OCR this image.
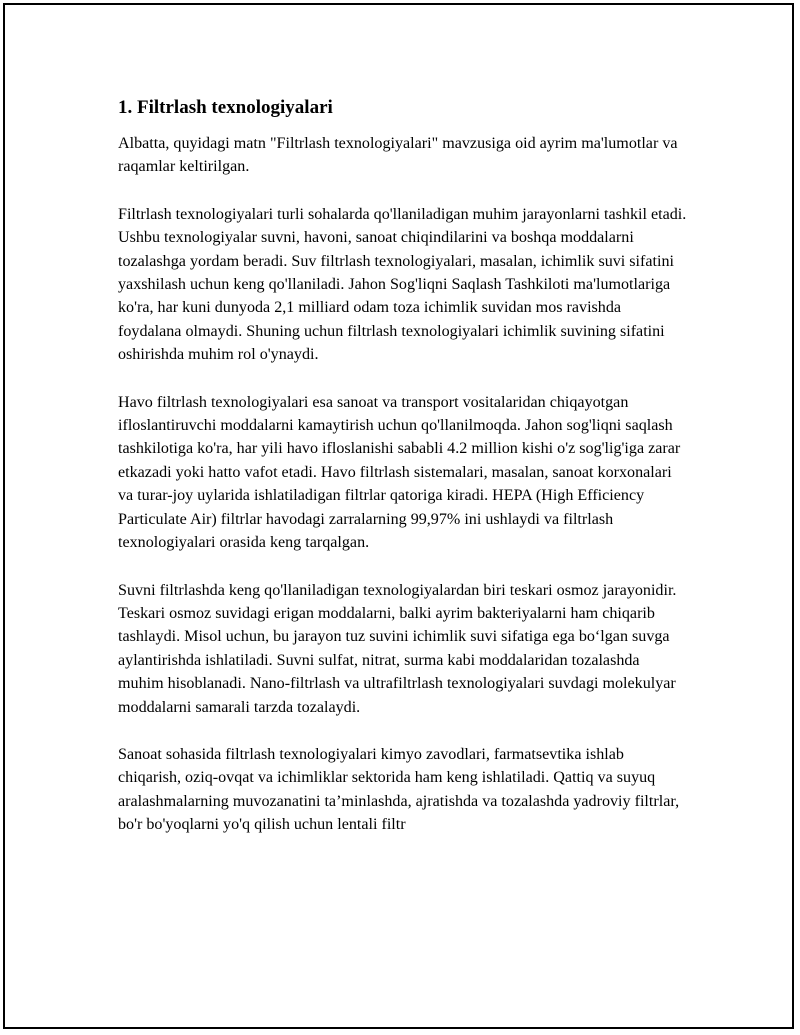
1. Filtrlash texnologiyalari

Albatta, quyidagi matn "Filtrlash texnologiyalari" mavzusiga oid ayrim ma'lumotlar va raqamlar keltirilgan.

Filtrlash texnologiyalari turli sohalarda qo'llaniladigan muhim jarayonlarni tashkil etadi. Ushbu texnologiyalar suvni, havoni, sanoat chiqindilarini va boshqa moddalarni tozalashga yordam beradi. Suv filtrlash texnologiyalari, masalan, ichimlik suvi sifatini yaxshilash uchun keng qo'llaniladi. Jahon Sog'liqni Saqlash Tashkiloti ma'lumotlariga ko'ra, har kuni dunyoda 2,1 milliard odam toza ichimlik suvidan mos ravishda foydalana olmaydi. Shuning uchun filtrlash texnologiyalari ichimlik suvining sifatini oshirishda muhim rol o'ynaydi.

Havo filtrlash texnologiyalari esa sanoat va transport vositalaridan chiqayotgan ifloslantiruvchi moddalarni kamaytirish uchun qo'llanilmoqda. Jahon sog'liqni saqlash tashkilotiga ko'ra, har yili havo ifloslanishi sababli 4.2 million kishi o'z sog'lig'iga zarar etkazadi yoki hatto vafot etadi. Havo filtrlash sistemalari, masalan, sanoat korxonalari va turar-joy uylarida ishlatiladigan filtrlar qatoriga kiradi. HEPA (High Efficiency Particulate Air) filtrlar havodagi zarralarning 99,97% ini ushlaydi va filtrlash texnologiyalari orasida keng tarqalgan.

Suvni filtrlashda keng qo'llaniladigan texnologiyalardan biri teskari osmoz jarayonidir. Teskari osmoz suvidagi erigan moddalarni, balki ayrim bakteriyalarni ham chiqarib tashlaydi. Misol uchun, bu jarayon tuz suvini ichimlik suvi sifatiga ega bo‘lgan suvga aylantirishda ishlatiladi. Suvni sulfat, nitrat, surma kabi moddalaridan tozalashda muhim hisoblanadi. Nano-filtrlash va ultrafiltrlash texnologiyalari suvdagi molekulyar moddalarni samarali tarzda tozalaydi.

Sanoat sohasida filtrlash texnologiyalari kimyo zavodlari, farmatsevtika ishlab chiqarish, oziq-ovqat va ichimliklar sektorida ham keng ishlatiladi. Qattiq va suyuq aralashmalarning muvozanatini ta’minlashda, ajratishda va tozalashda yadroviy filtrlar, bo'r bo'yoqlarni yo'q qilish uchun lentali filtr
